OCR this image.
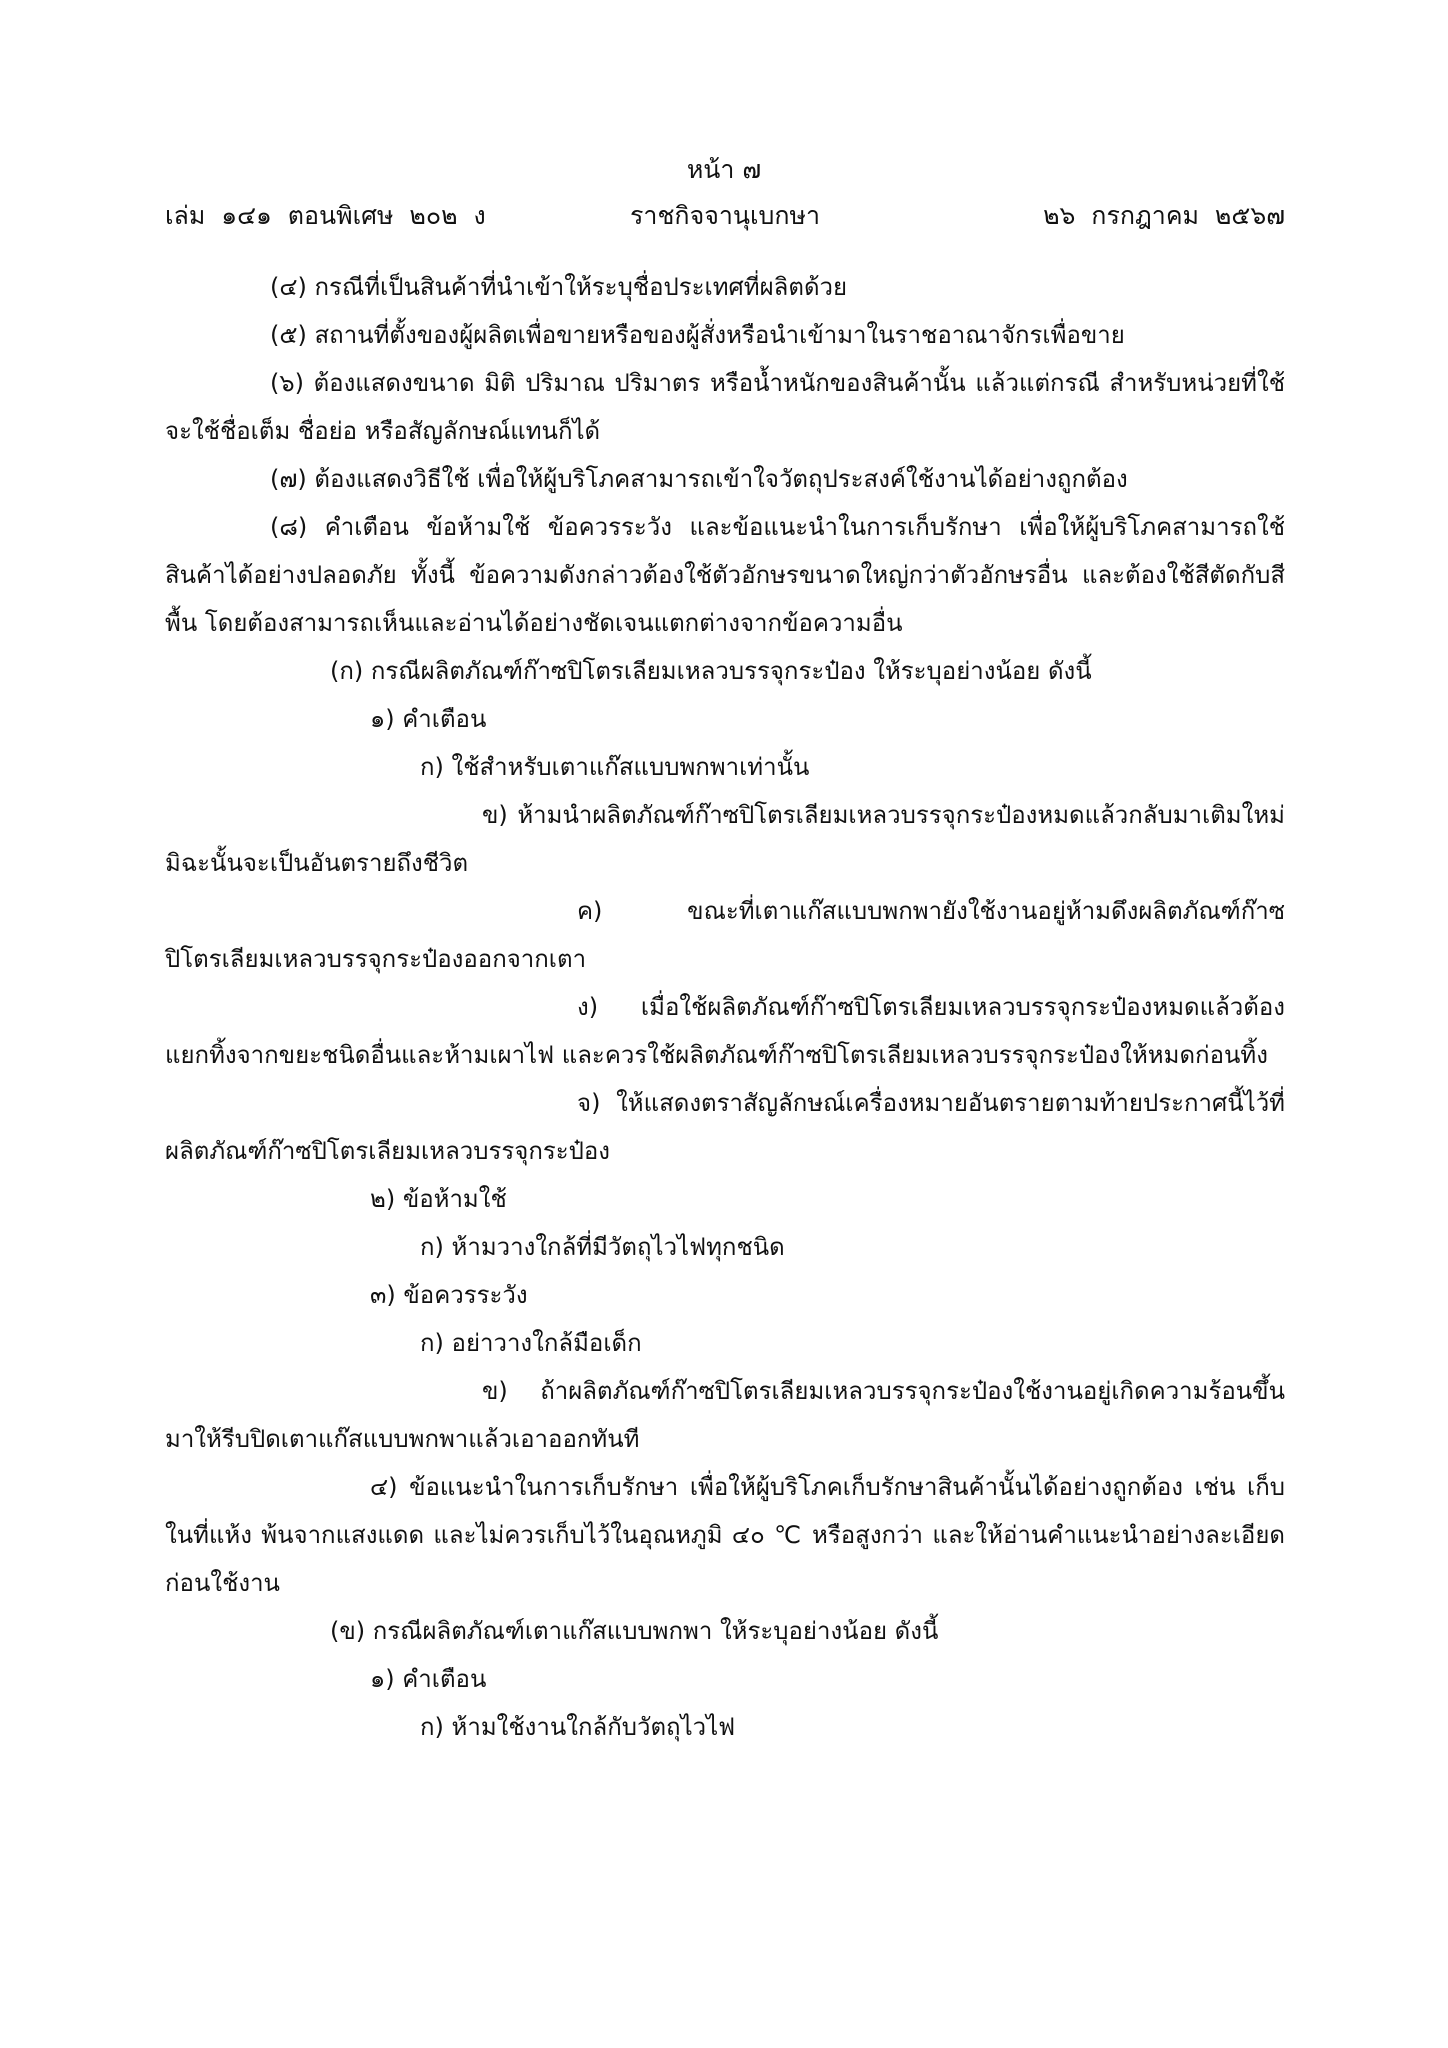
หน้า ๗
เล่ม  ๑๔๑  ตอนพิเศษ  ๒๐๒  ง	ราชกิจจานุเบกษา	๒๖  กรกฎาคม  ๒๕๖๗

(๔) กรณีที่เป็นสินค้าที่นำเข้าให้ระบุชื่อประเทศที่ผลิตด้วย

(๕) สถานที่ตั้งของผู้ผลิตเพื่อขายหรือของผู้สั่งหรือนำเข้ามาในราชอาณาจักรเพื่อขาย

(๖) ต้องแสดงขนาด มิติ ปริมาณ ปริมาตร หรือน้ำหนักของสินค้านั้น แล้วแต่กรณี สำหรับหน่วยที่ใช้จะใช้ชื่อเต็ม ชื่อย่อ หรือสัญลักษณ์แทนก็ได้

(๗) ต้องแสดงวิธีใช้ เพื่อให้ผู้บริโภคสามารถเข้าใจวัตถุประสงค์ใช้งานได้อย่างถูกต้อง

(๘) คำเตือน ข้อห้ามใช้ ข้อควรระวัง และข้อแนะนำในการเก็บรักษา เพื่อให้ผู้บริโภคสามารถใช้สินค้าได้อย่างปลอดภัย ทั้งนี้ ข้อความดังกล่าวต้องใช้ตัวอักษรขนาดใหญ่กว่าตัวอักษรอื่น และต้องใช้สีตัดกับสีพื้น โดยต้องสามารถเห็นและอ่านได้อย่างชัดเจนแตกต่างจากข้อความอื่น

(ก) กรณีผลิตภัณฑ์ก๊าซปิโตรเลียมเหลวบรรจุกระป๋อง ให้ระบุอย่างน้อย ดังนี้

๑) คำเตือน

ก) ใช้สำหรับเตาแก๊สแบบพกพาเท่านั้น

ข) ห้ามนำผลิตภัณฑ์ก๊าซปิโตรเลียมเหลวบรรจุกระป๋องหมดแล้วกลับมาเติมใหม่ มิฉะนั้นจะเป็นอันตรายถึงชีวิต

ค) ขณะที่เตาแก๊สแบบพกพายังใช้งานอยู่ห้ามดึงผลิตภัณฑ์ก๊าซปิโตรเลียมเหลวบรรจุกระป๋องออกจากเตา

ง) เมื่อใช้ผลิตภัณฑ์ก๊าซปิโตรเลียมเหลวบรรจุกระป๋องหมดแล้วต้องแยกทิ้งจากขยะชนิดอื่นและห้ามเผาไฟ และควรใช้ผลิตภัณฑ์ก๊าซปิโตรเลียมเหลวบรรจุกระป๋องให้หมดก่อนทิ้ง

จ) ให้แสดงตราสัญลักษณ์เครื่องหมายอันตรายตามท้ายประกาศนี้ไว้ที่ผลิตภัณฑ์ก๊าซปิโตรเลียมเหลวบรรจุกระป๋อง

๒) ข้อห้ามใช้

ก) ห้ามวางใกล้ที่มีวัตถุไวไฟทุกชนิด

๓) ข้อควรระวัง

ก) อย่าวางใกล้มือเด็ก

ข) ถ้าผลิตภัณฑ์ก๊าซปิโตรเลียมเหลวบรรจุกระป๋องใช้งานอยู่เกิดความร้อนขึ้นมาให้รีบปิดเตาแก๊สแบบพกพาแล้วเอาออกทันที

๔) ข้อแนะนำในการเก็บรักษา เพื่อให้ผู้บริโภคเก็บรักษาสินค้านั้นได้อย่างถูกต้อง เช่น เก็บในที่แห้ง พ้นจากแสงแดด และไม่ควรเก็บไว้ในอุณหภูมิ ๔๐ ℃ หรือสูงกว่า และให้อ่านคำแนะนำอย่างละเอียดก่อนใช้งาน

(ข) กรณีผลิตภัณฑ์เตาแก๊สแบบพกพา ให้ระบุอย่างน้อย ดังนี้

๑) คำเตือน

ก) ห้ามใช้งานใกล้กับวัตถุไวไฟ
